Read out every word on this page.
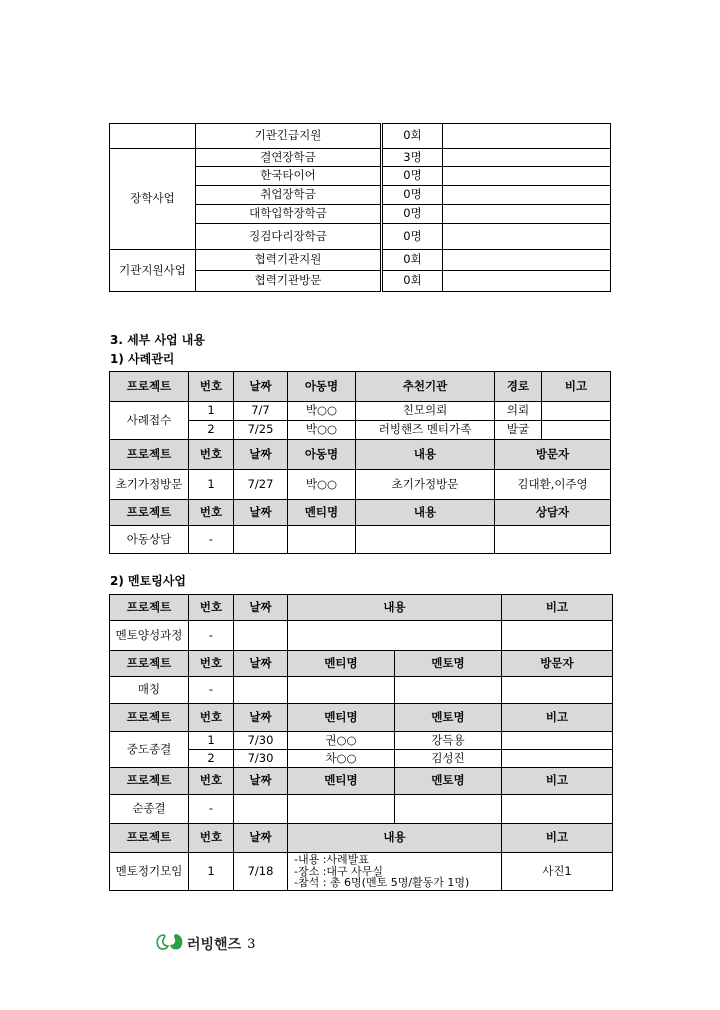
	기관긴급지원	0회	
장학사업	결연장학금	3명	
	한국타이어	0명	
	취업장학금	0명	
	대학입학장학금	0명	
	징검다리장학금	0명	
기관지원사업	협력기관지원	0회	
	협력기관방문	0회	
3. 세부 사업 내용
1) 사례관리
프로젝트	번호	날짜	아동명	추천기관	경로	비고
사례접수	1	7/7	박○○	친모의뢰	의뢰	
	2	7/25	박○○	러빙핸즈 멘티가족	발굴	
프로젝트	번호	날짜	아동명	내용	방문자	
초기가정방문	1	7/27	박○○	초기가정방문	김대환,이주영	
프로젝트	번호	날짜	멘티명	내용	상담자	
아동상담	-					
2) 멘토링사업
프로젝트	번호	날짜	내용		비고
멘토양성과정	-				
프로젝트	번호	날짜	멘티명	멘토명	방문자
매칭	-				
프로젝트	번호	날짜	멘티명	멘토명	비고
중도종결	1	7/30	권○○	강득용	
	2	7/30	차○○	김성진	
프로젝트	번호	날짜	멘티명	멘토명	비고
순종결	-				
프로젝트	번호	날짜	내용		비고
멘토정기모임	1	7/18	-내용 :사례발표
-장소 :대구 사무실
-참석 : 총 6명(멘토 5명/활동가 1명)		사진1
러빙핸즈 3
